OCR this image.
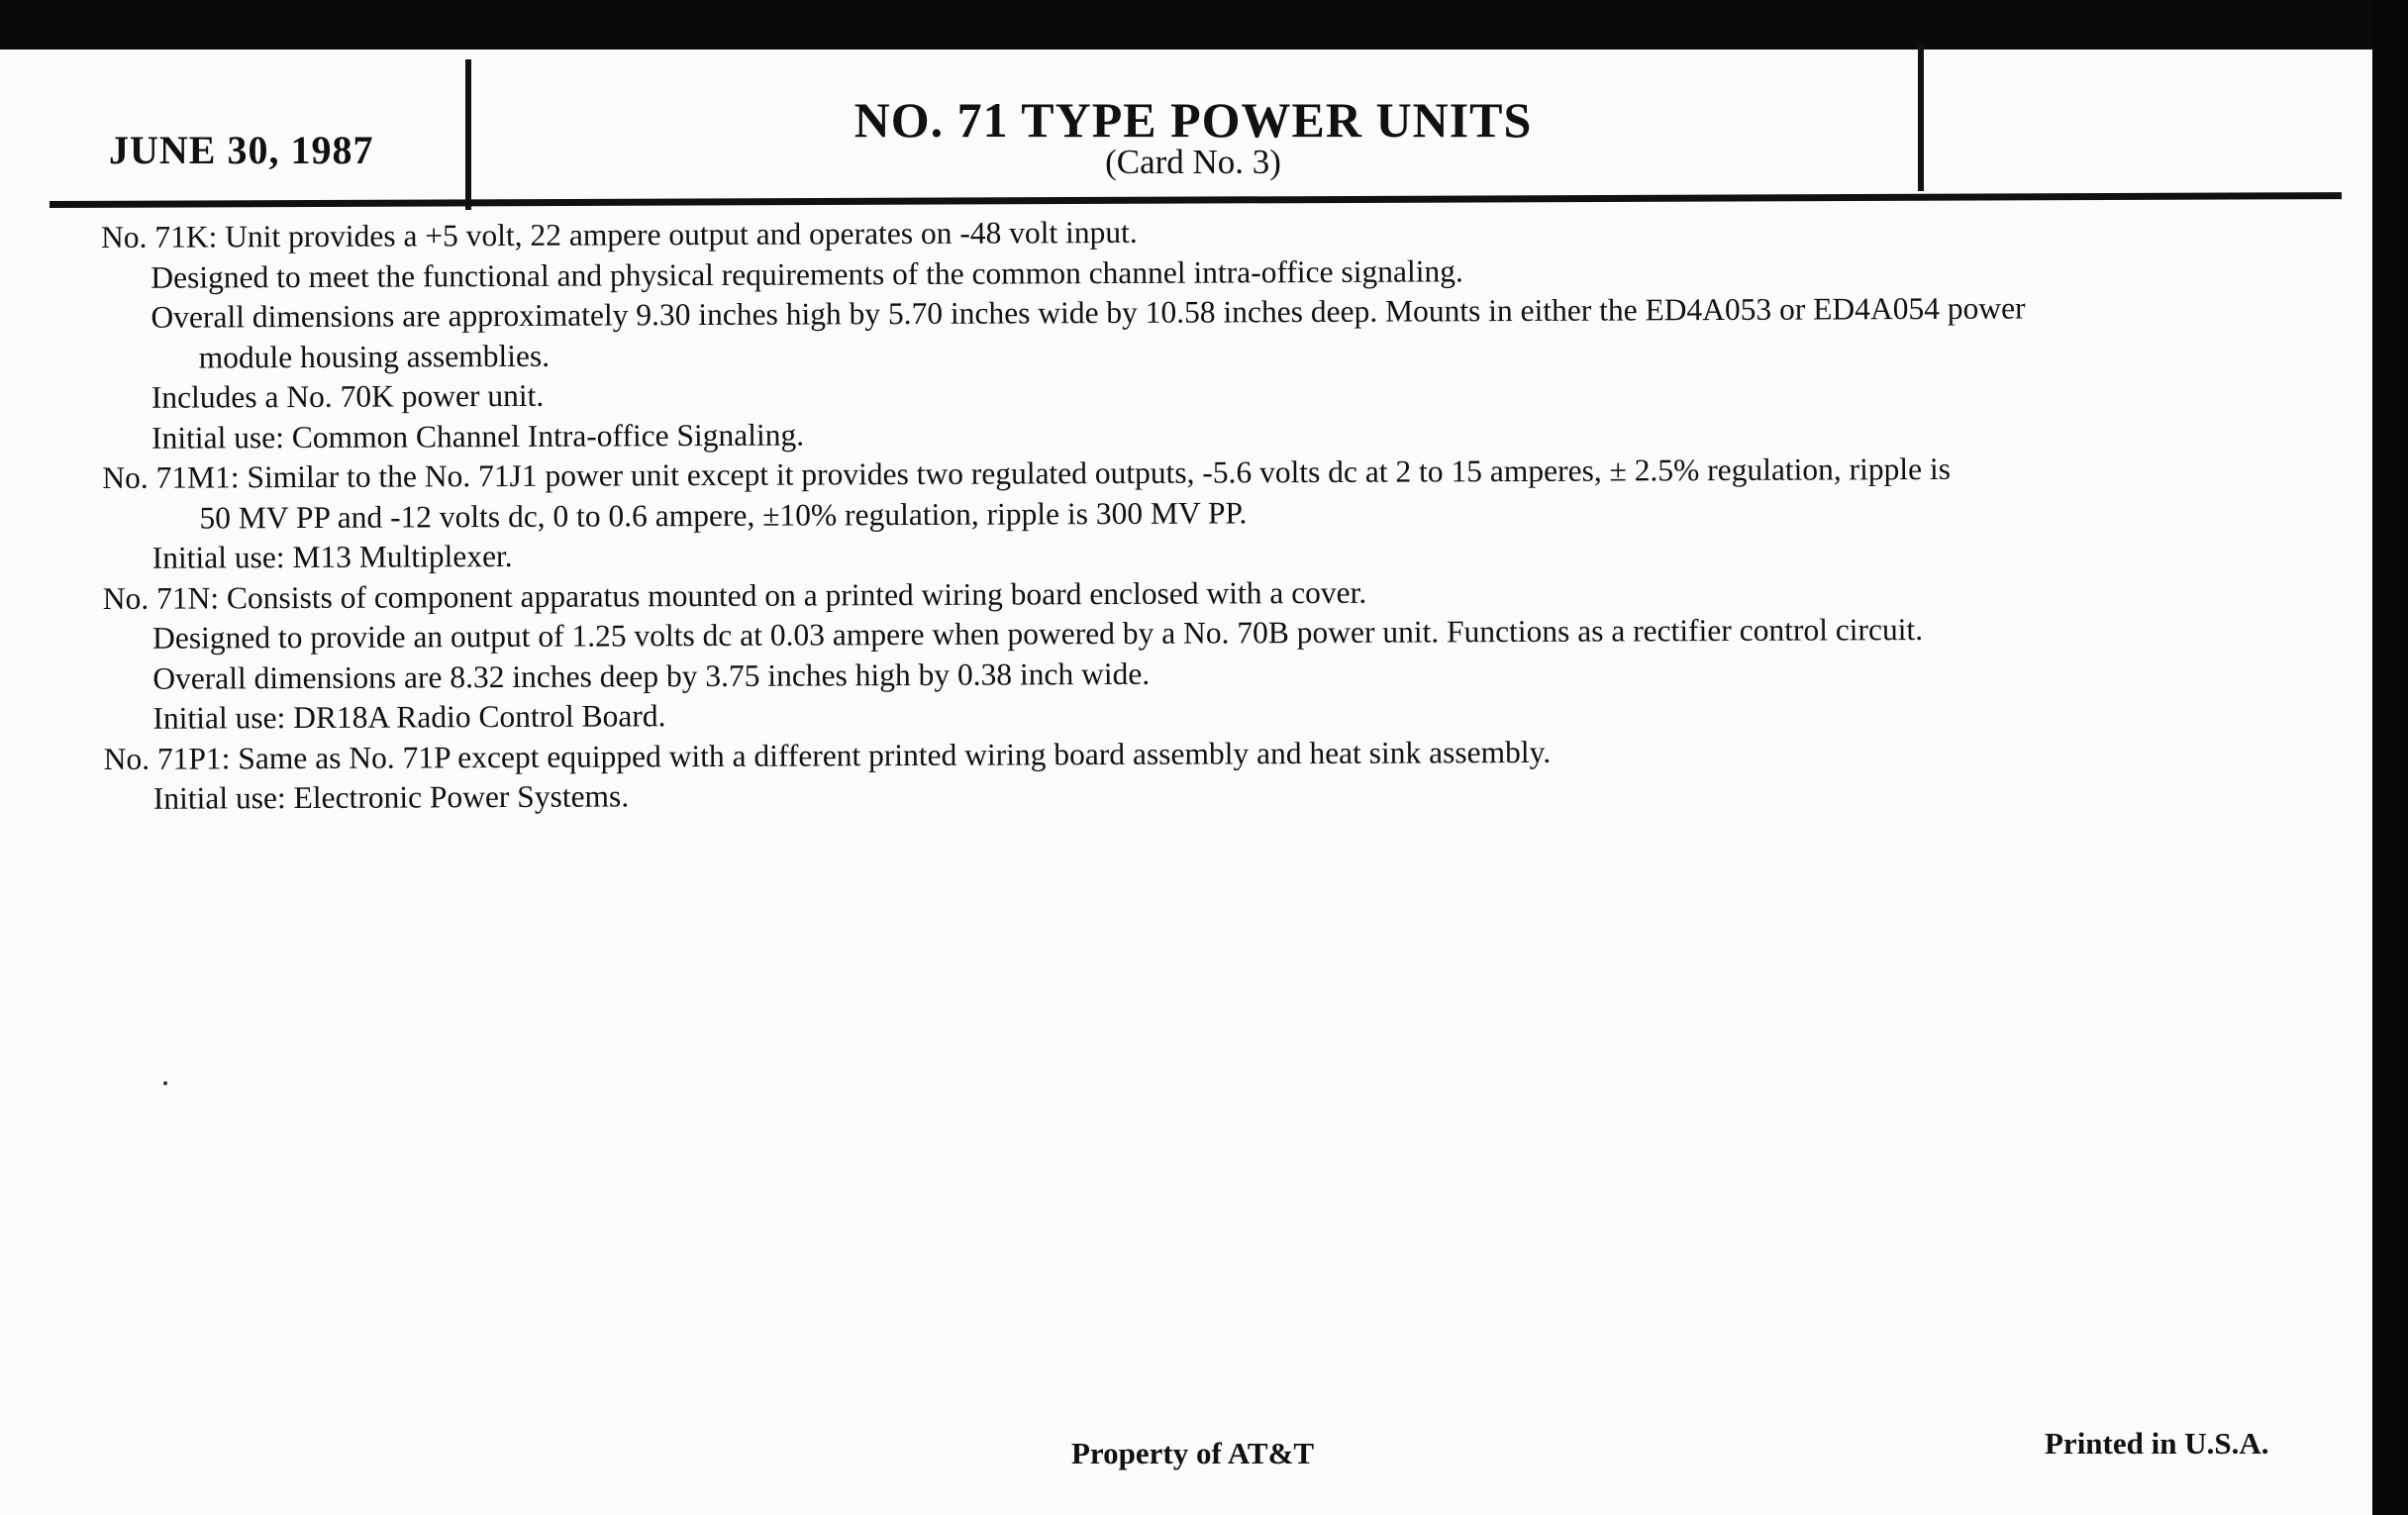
JUNE 30, 1987
NO. 71 TYPE POWER UNITS
(Card No. 3)
No. 71K: Unit provides a +5 volt, 22 ampere output and operates on -48 volt input.
Designed to meet the functional and physical requirements of the common channel intra-office signaling.
Overall dimensions are approximately 9.30 inches high by 5.70 inches wide by 10.58 inches deep. Mounts in either the ED4A053 or ED4A054 power
module housing assemblies.
Includes a No. 70K power unit.
Initial use: Common Channel Intra-office Signaling.
No. 71M1: Similar to the No. 71J1 power unit except it provides two regulated outputs, -5.6 volts dc at 2 to 15 amperes, ± 2.5% regulation, ripple is
50 MV PP and -12 volts dc, 0 to 0.6 ampere, ±10% regulation, ripple is 300 MV PP.
Initial use: M13 Multiplexer.
No. 71N: Consists of component apparatus mounted on a printed wiring board enclosed with a cover.
Designed to provide an output of 1.25 volts dc at 0.03 ampere when powered by a No. 70B power unit. Functions as a rectifier control circuit.
Overall dimensions are 8.32 inches deep by 3.75 inches high by 0.38 inch wide.
Initial use: DR18A Radio Control Board.
No. 71P1: Same as No. 71P except equipped with a different printed wiring board assembly and heat sink assembly.
Initial use: Electronic Power Systems.
Property of AT&T	Printed in U.S.A.
